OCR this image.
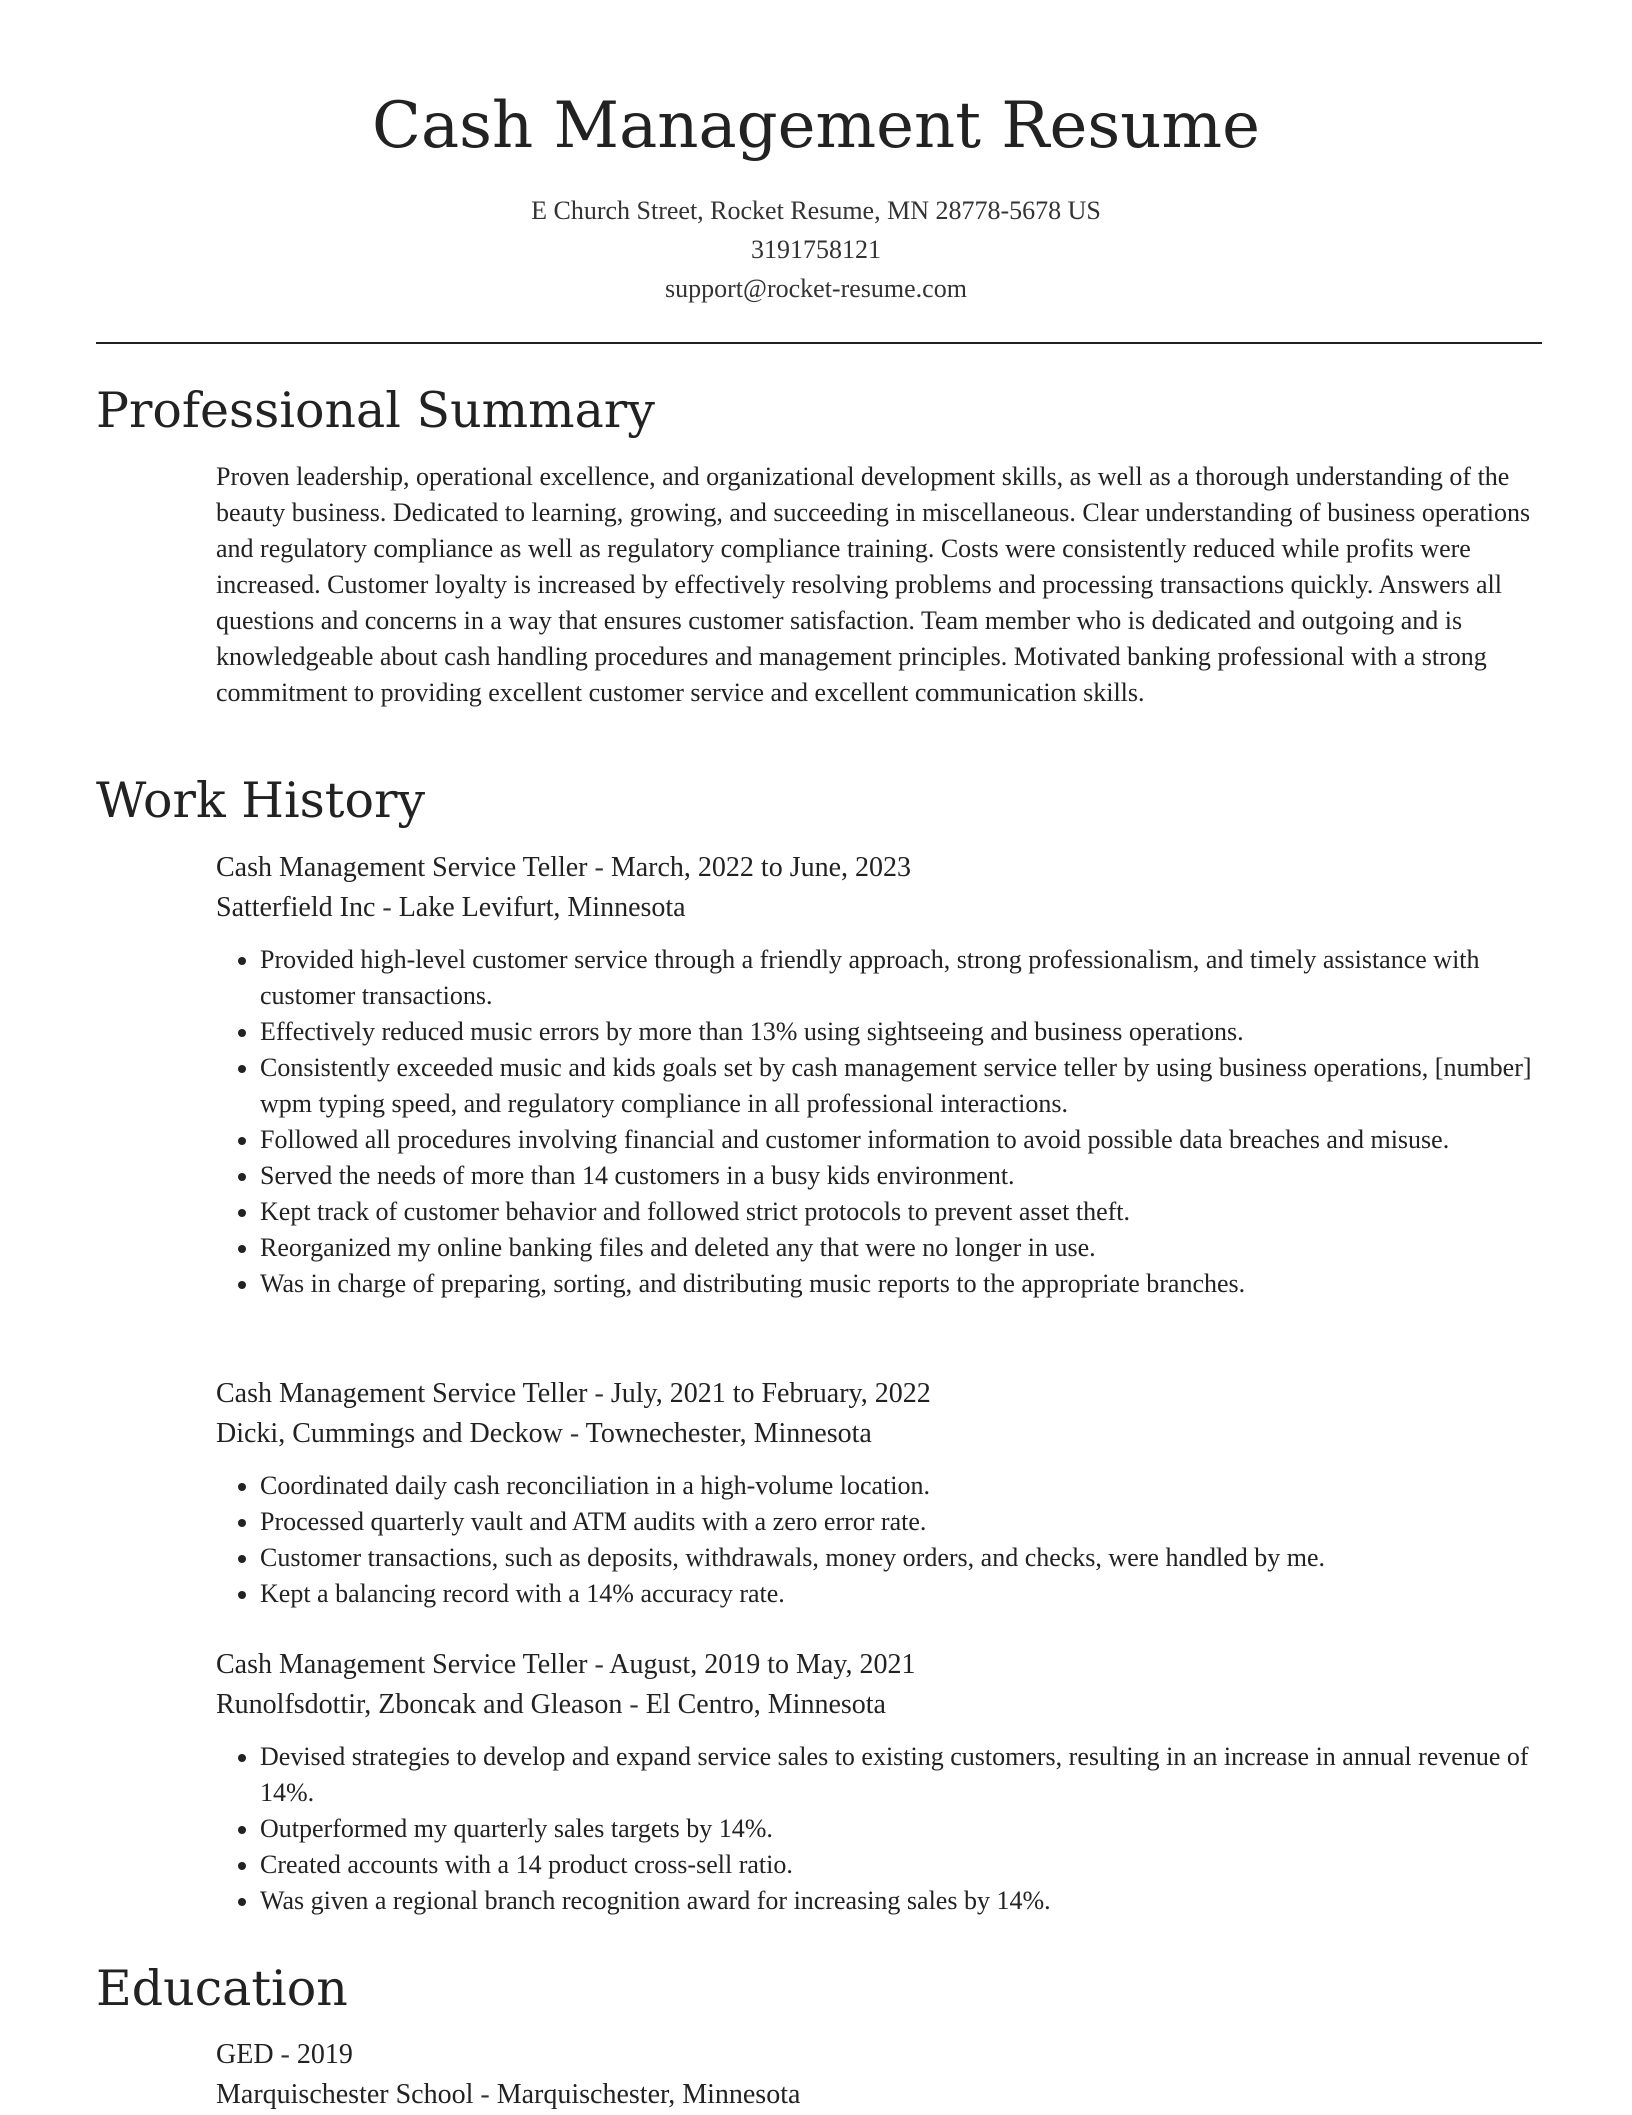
Cash Management Resume
E Church Street, Rocket Resume, MN 28778-5678 US
3191758121
support@rocket-resume.com
Professional Summary
Proven leadership, operational excellence, and organizational development skills, as well as a thorough understanding of the beauty business. Dedicated to learning, growing, and succeeding in miscellaneous. Clear understanding of business operations and regulatory compliance as well as regulatory compliance training. Costs were consistently reduced while profits were increased. Customer loyalty is increased by effectively resolving problems and processing transactions quickly. Answers all questions and concerns in a way that ensures customer satisfaction. Team member who is dedicated and outgoing and is knowledgeable about cash handling procedures and management principles. Motivated banking professional with a strong commitment to providing excellent customer service and excellent communication skills.
Work History
Cash Management Service Teller - March, 2022 to June, 2023
Satterfield Inc - Lake Levifurt, Minnesota
• Provided high-level customer service through a friendly approach, strong professionalism, and timely assistance with customer transactions.
• Effectively reduced music errors by more than 13% using sightseeing and business operations.
• Consistently exceeded music and kids goals set by cash management service teller by using business operations, [number] wpm typing speed, and regulatory compliance in all professional interactions.
• Followed all procedures involving financial and customer information to avoid possible data breaches and misuse.
• Served the needs of more than 14 customers in a busy kids environment.
• Kept track of customer behavior and followed strict protocols to prevent asset theft.
• Reorganized my online banking files and deleted any that were no longer in use.
• Was in charge of preparing, sorting, and distributing music reports to the appropriate branches.
Cash Management Service Teller - July, 2021 to February, 2022
Dicki, Cummings and Deckow - Townechester, Minnesota
• Coordinated daily cash reconciliation in a high-volume location.
• Processed quarterly vault and ATM audits with a zero error rate.
• Customer transactions, such as deposits, withdrawals, money orders, and checks, were handled by me.
• Kept a balancing record with a 14% accuracy rate.
Cash Management Service Teller - August, 2019 to May, 2021
Runolfsdottir, Zboncak and Gleason - El Centro, Minnesota
• Devised strategies to develop and expand service sales to existing customers, resulting in an increase in annual revenue of 14%.
• Outperformed my quarterly sales targets by 14%.
• Created accounts with a 14 product cross-sell ratio.
• Was given a regional branch recognition award for increasing sales by 14%.
Education
GED - 2019
Marquischester School - Marquischester, Minnesota
